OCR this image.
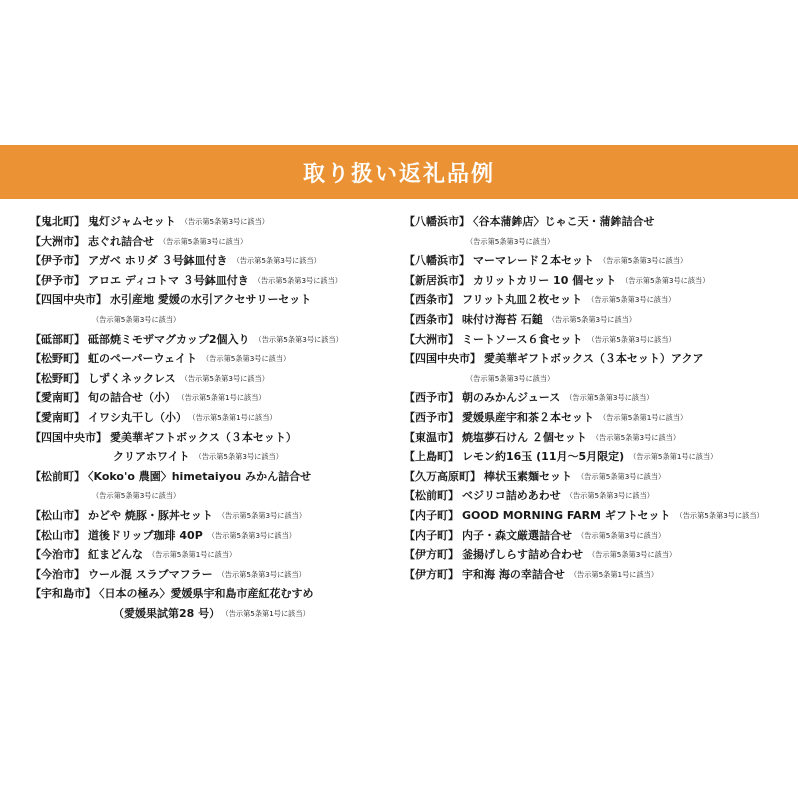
取り扱い返礼品例
【鬼北町】 鬼灯ジャムセット （告示第5条第3号に該当）
【大洲市】 志ぐれ詰合せ （告示第5条第3号に該当）
【伊予市】 アガベ ホリダ ３号鉢皿付き （告示第5条第3号に該当）
【伊予市】 アロエ ディコトマ ３号鉢皿付き （告示第5条第3号に該当）
【四国中央市】 水引産地 愛媛の水引アクセサリーセット
（告示第5条第3号に該当）
【砥部町】 砥部焼ミモザマグカップ2個入り （告示第5条第3号に該当）
【松野町】 虹のペーパーウェイト （告示第5条第3号に該当）
【松野町】 しずくネックレス （告示第5条第3号に該当）
【愛南町】 旬の詰合せ（小） （告示第5条第1号に該当）
【愛南町】 イワシ丸干し（小） （告示第5条第1号に該当）
【四国中央市】 愛美華ギフトボックス（３本セット）
クリアホワイト （告示第5条第3号に該当）
【松前町】 〈Koko'o 農園〉himetaiyou みかん詰合せ
（告示第5条第3号に該当）
【松山市】 かどや 焼豚・豚丼セット （告示第5条第3号に該当）
【松山市】 道後ドリップ珈琲 40P （告示第5条第3号に該当）
【今治市】 紅まどんな （告示第5条第1号に該当）
【今治市】 ウール混 スラブマフラー （告示第5条第3号に該当）
【宇和島市】 〈日本の極み〉愛媛県宇和島市産紅花むすめ
（愛媛果試第28 号） （告示第5条第1号に該当）
【八幡浜市】 〈谷本蒲鉾店〉じゃこ天・蒲鉾詰合せ
（告示第5条第3号に該当）
【八幡浜市】 マーマレード２本セット （告示第5条第3号に該当）
【新居浜市】 カリットカリー 10 個セット （告示第5条第3号に該当）
【西条市】 フリット丸皿２枚セット （告示第5条第3号に該当）
【西条市】 味付け海苔 石鎚 （告示第5条第3号に該当）
【大洲市】 ミートソース６食セット （告示第5条第3号に該当）
【四国中央市】 愛美華ギフトボックス（３本セット）アクア
（告示第5条第3号に該当）
【西予市】 朝のみかんジュース （告示第5条第3号に該当）
【西予市】 愛媛県産宇和茶２本セット （告示第5条第1号に該当）
【東温市】 焼塩夢石けん ２個セット （告示第5条第3号に該当）
【上島町】 レモン約16玉 (11月～5月限定) （告示第5条第1号に該当）
【久万高原町】 棒状玉素麺セット （告示第5条第3号に該当）
【松前町】 ベジリコ詰めあわせ （告示第5条第3号に該当）
【内子町】 GOOD MORNING FARM ギフトセット （告示第5条第3号に該当）
【内子町】 内子・森文厳選詰合せ （告示第5条第3号に該当）
【伊方町】 釜揚げしらす詰め合わせ （告示第5条第3号に該当）
【伊方町】 宇和海 海の幸詰合せ （告示第5条第1号に該当）
